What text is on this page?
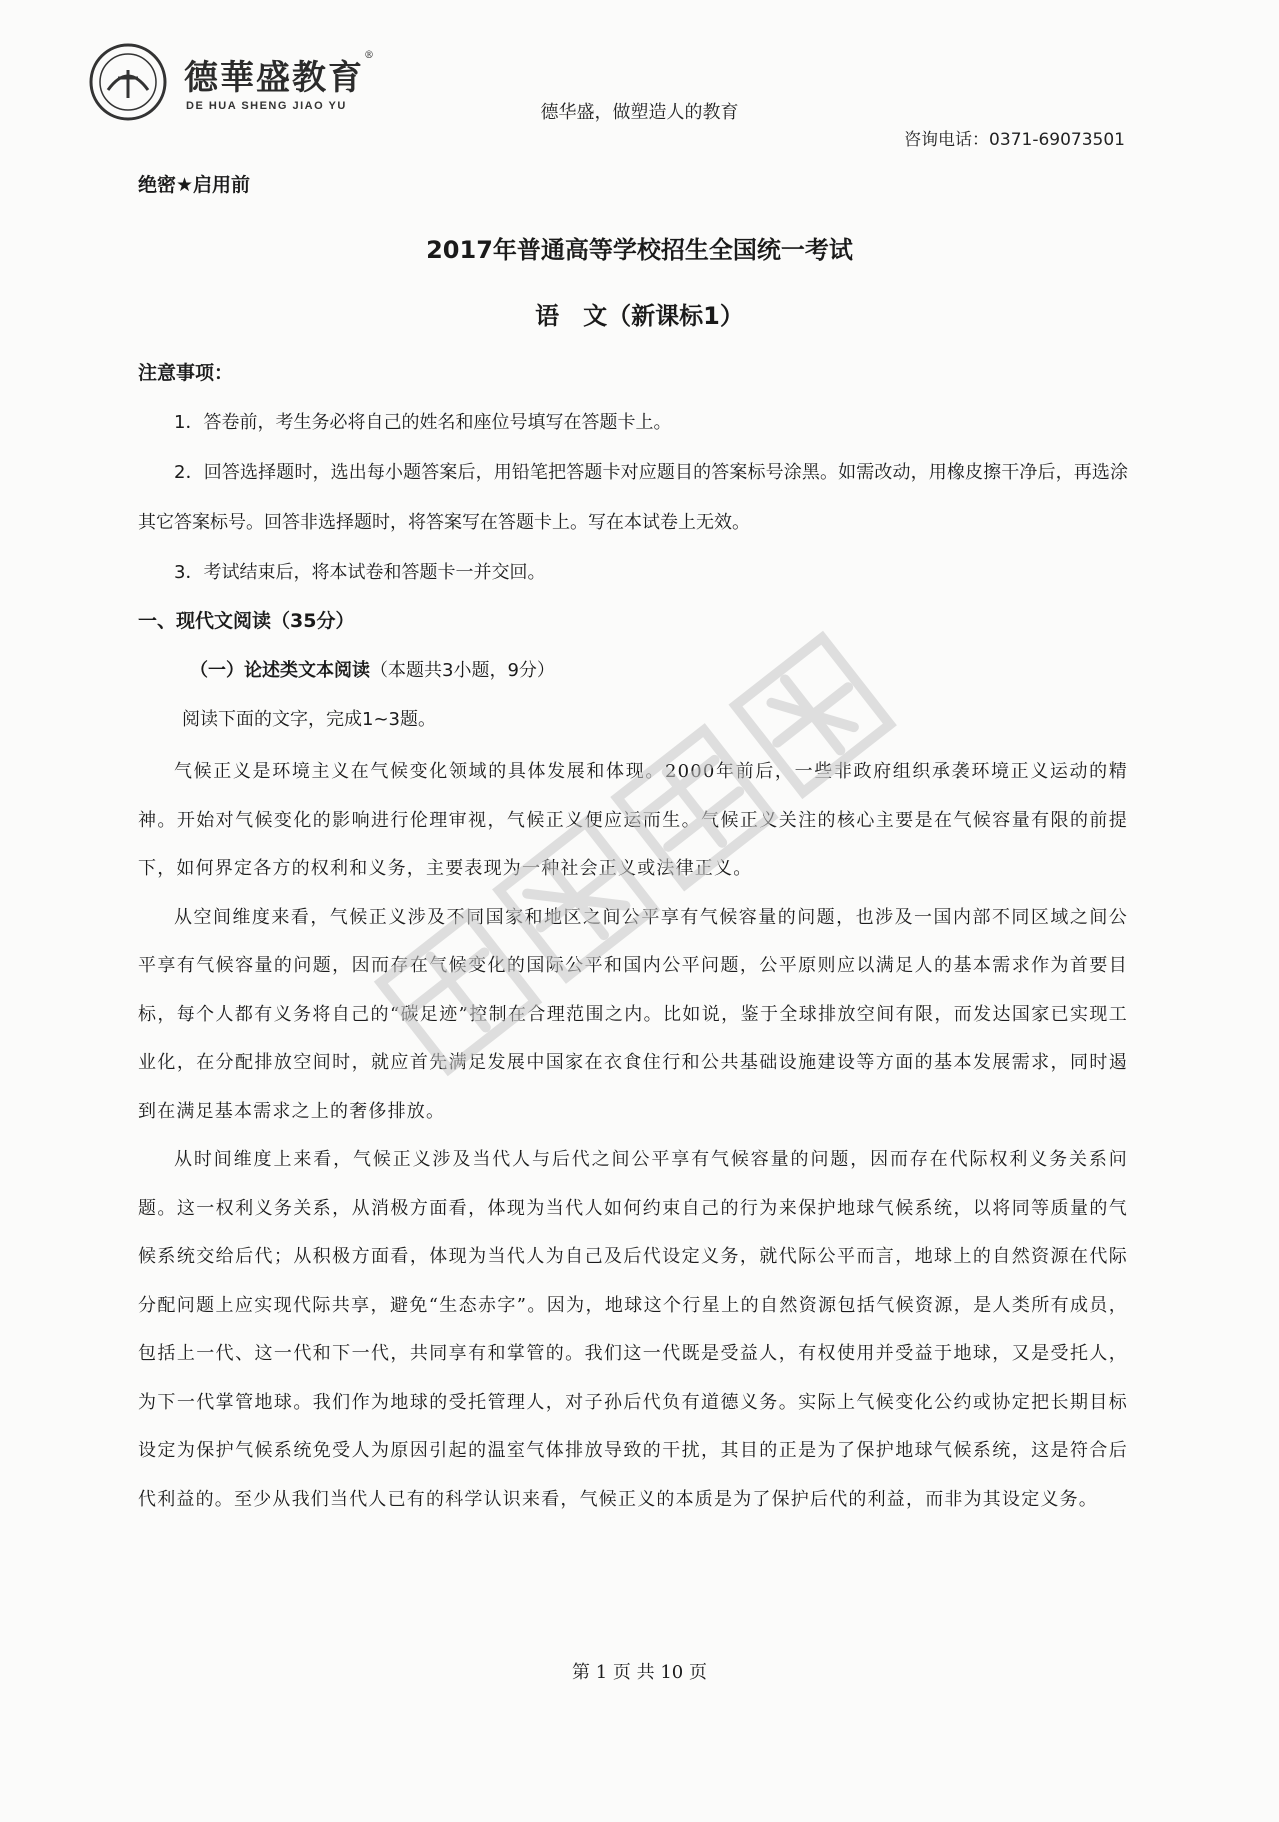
德華盛教育®
DE HUA SHENG JIAO YU	德华盛，做塑造人的教育
咨询电话：0371-69073501
绝密★启用前
2017年普通高等学校招生全国统一考试
语　文（新课标1）
注意事项：

1．答卷前，考生务必将自己的姓名和座位号填写在答题卡上。

2．回答选择题时，选出每小题答案后，用铅笔把答题卡对应题目的答案标号涂黑。如需改动，用橡皮擦干净后，再选涂其它答案标号。回答非选择题时，将答案写在答题卡上。写在本试卷上无效。

3．考试结束后，将本试卷和答题卡一并交回。

一、现代文阅读（35分）
（一）论述类文本阅读（本题共3小题，9分）
阅读下面的文字，完成1~3题。

气候正义是环境主义在气候变化领域的具体发展和体现。2000年前后，一些非政府组织承袭环境正义运动的精神。开始对气候变化的影响进行伦理审视，气候正义便应运而生。气候正义关注的核心主要是在气候容量有限的前提下，如何界定各方的权利和义务，主要表现为一种社会正义或法律正义。

从空间维度来看，气候正义涉及不同国家和地区之间公平享有气候容量的问题，也涉及一国内部不同区域之间公平享有气候容量的问题，因而存在气候变化的国际公平和国内公平问题，公平原则应以满足人的基本需求作为首要目标，每个人都有义务将自己的“碳足迹”控制在合理范围之内。比如说，鉴于全球排放空间有限，而发达国家已实现工业化，在分配排放空间时，就应首先满足发展中国家在衣食住行和公共基础设施建设等方面的基本发展需求，同时遏到在满足基本需求之上的奢侈排放。

从时间维度上来看，气候正义涉及当代人与后代之间公平享有气候容量的问题，因而存在代际权利义务关系问题。这一权利义务关系，从消极方面看，体现为当代人如何约束自己的行为来保护地球气候系统，以将同等质量的气候系统交给后代；从积极方面看，体现为当代人为自己及后代设定义务，就代际公平而言，地球上的自然资源在代际分配问题上应实现代际共享，避免“生态赤字”。因为，地球这个行星上的自然资源包括气候资源，是人类所有成员，包括上一代、这一代和下一代，共同享有和掌管的。我们这一代既是受益人，有权使用并受益于地球，又是受托人，为下一代掌管地球。我们作为地球的受托管理人，对子孙后代负有道德义务。实际上气候变化公约或协定把长期目标设定为保护气候系统免受人为原因引起的温室气体排放导致的干扰，其目的正是为了保护地球气候系统，这是符合后代利益的。至少从我们当代人已有的科学认识来看，气候正义的本质是为了保护后代的利益，而非为其设定义务。

第 1 页 共 10 页
